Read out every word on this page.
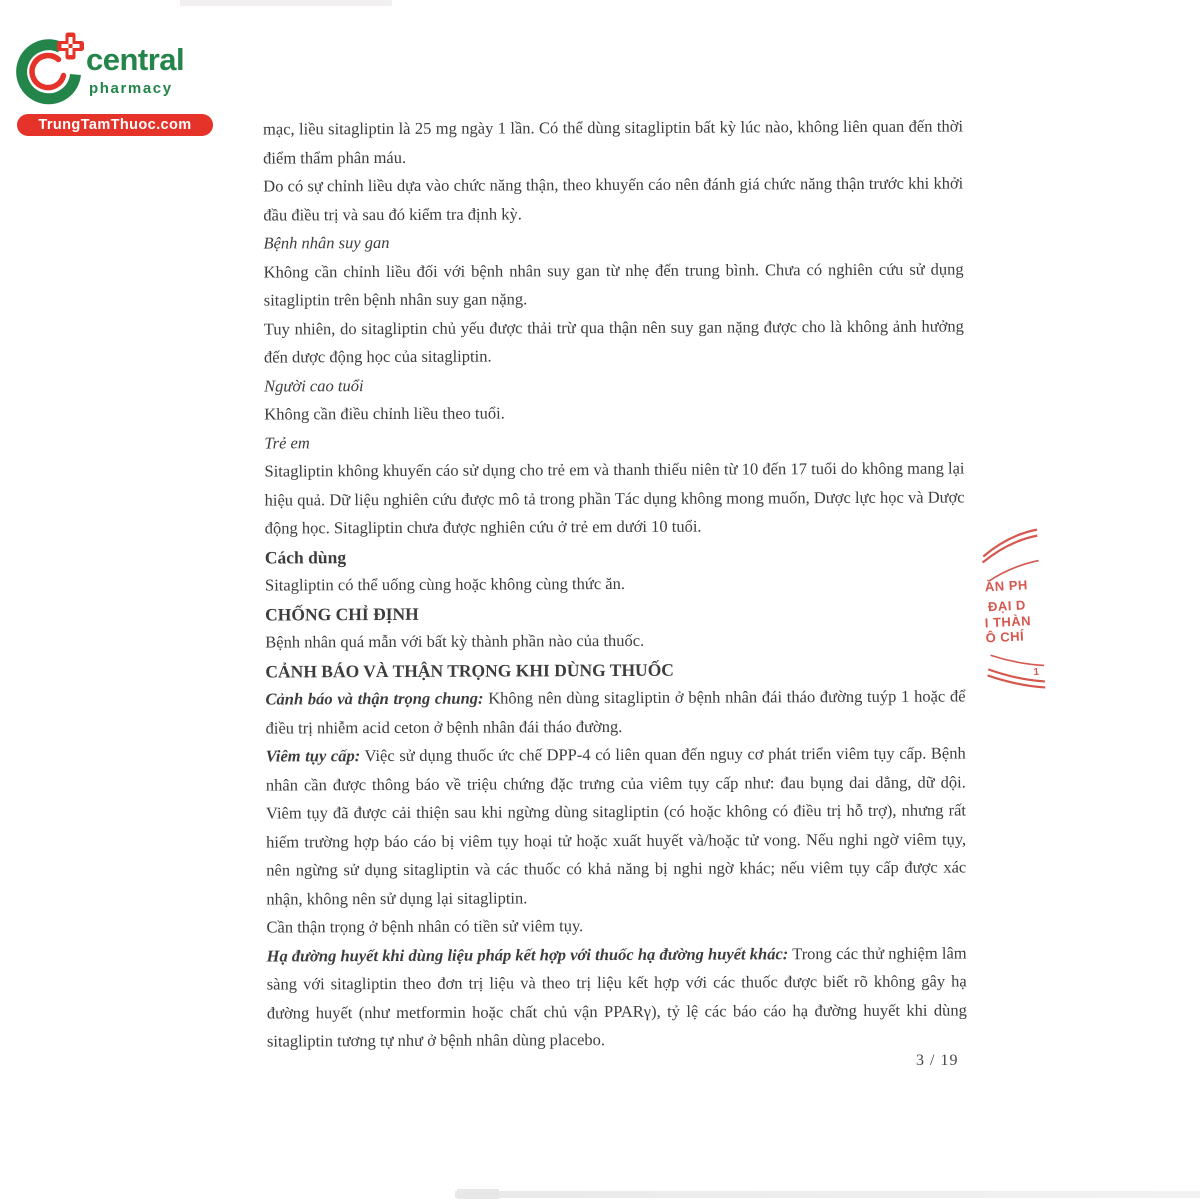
central
pharmacy
TrungTamThuoc.com	mạc, liều sitagliptin là 25 mg ngày 1 lần. Có thể dùng sitagliptin bất kỳ lúc nào, không liên quan đến thời điểm thẩm phân máu.

Do có sự chỉnh liều dựa vào chức năng thận, theo khuyến cáo nên đánh giá chức năng thận trước khi khởi đầu điều trị và sau đó kiểm tra định kỳ.

Bệnh nhân suy gan

Không cần chỉnh liều đối với bệnh nhân suy gan từ nhẹ đến trung bình. Chưa có nghiên cứu sử dụng sitagliptin trên bệnh nhân suy gan nặng.

Tuy nhiên, do sitagliptin chủ yếu được thải trừ qua thận nên suy gan nặng được cho là không ảnh hưởng đến dược động học của sitagliptin.

Người cao tuổi

Không cần điều chỉnh liều theo tuổi.

Trẻ em

Sitagliptin không khuyến cáo sử dụng cho trẻ em và thanh thiếu niên từ 10 đến 17 tuổi do không mang lại hiệu quả. Dữ liệu nghiên cứu được mô tả trong phần Tác dụng không mong muốn, Dược lực học và Dược động học. Sitagliptin chưa được nghiên cứu ở trẻ em dưới 10 tuổi.

Cách dùng

Sitagliptin có thể uống cùng hoặc không cùng thức ăn.

CHỐNG CHỈ ĐỊNH

Bệnh nhân quá mẫn với bất kỳ thành phần nào của thuốc.

CẢNH BÁO VÀ THẬN TRỌNG KHI DÙNG THUỐC

Cảnh báo và thận trọng chung: Không nên dùng sitagliptin ở bệnh nhân đái tháo đường tuýp 1 hoặc để điều trị nhiễm acid ceton ở bệnh nhân đái tháo đường.

Viêm tụy cấp: Việc sử dụng thuốc ức chế DPP-4 có liên quan đến nguy cơ phát triển viêm tụy cấp. Bệnh nhân cần được thông báo về triệu chứng đặc trưng của viêm tụy cấp như: đau bụng dai dẳng, dữ dội. Viêm tụy đã được cải thiện sau khi ngừng dùng sitagliptin (có hoặc không có điều trị hỗ trợ), nhưng rất hiếm trường hợp báo cáo bị viêm tụy hoại tử hoặc xuất huyết và/hoặc tử vong. Nếu nghi ngờ viêm tụy, nên ngừng sử dụng sitagliptin và các thuốc có khả năng bị nghi ngờ khác; nếu viêm tụy cấp được xác nhận, không nên sử dụng lại sitagliptin.

Cần thận trọng ở bệnh nhân có tiền sử viêm tụy.

Hạ đường huyết khi dùng liệu pháp kết hợp với thuốc hạ đường huyết khác: Trong các thử nghiệm lâm sàng với sitagliptin theo đơn trị liệu và theo trị liệu kết hợp với các thuốc được biết rõ không gây hạ đường huyết (như metformin hoặc chất chủ vận PPARγ), tỷ lệ các báo cáo hạ đường huyết khi dùng sitagliptin tương tự như ở bệnh nhân dùng placebo.

3 / 19
ĂN PH
ĐẠI D
I THÀN
Ô CHÍ
1
